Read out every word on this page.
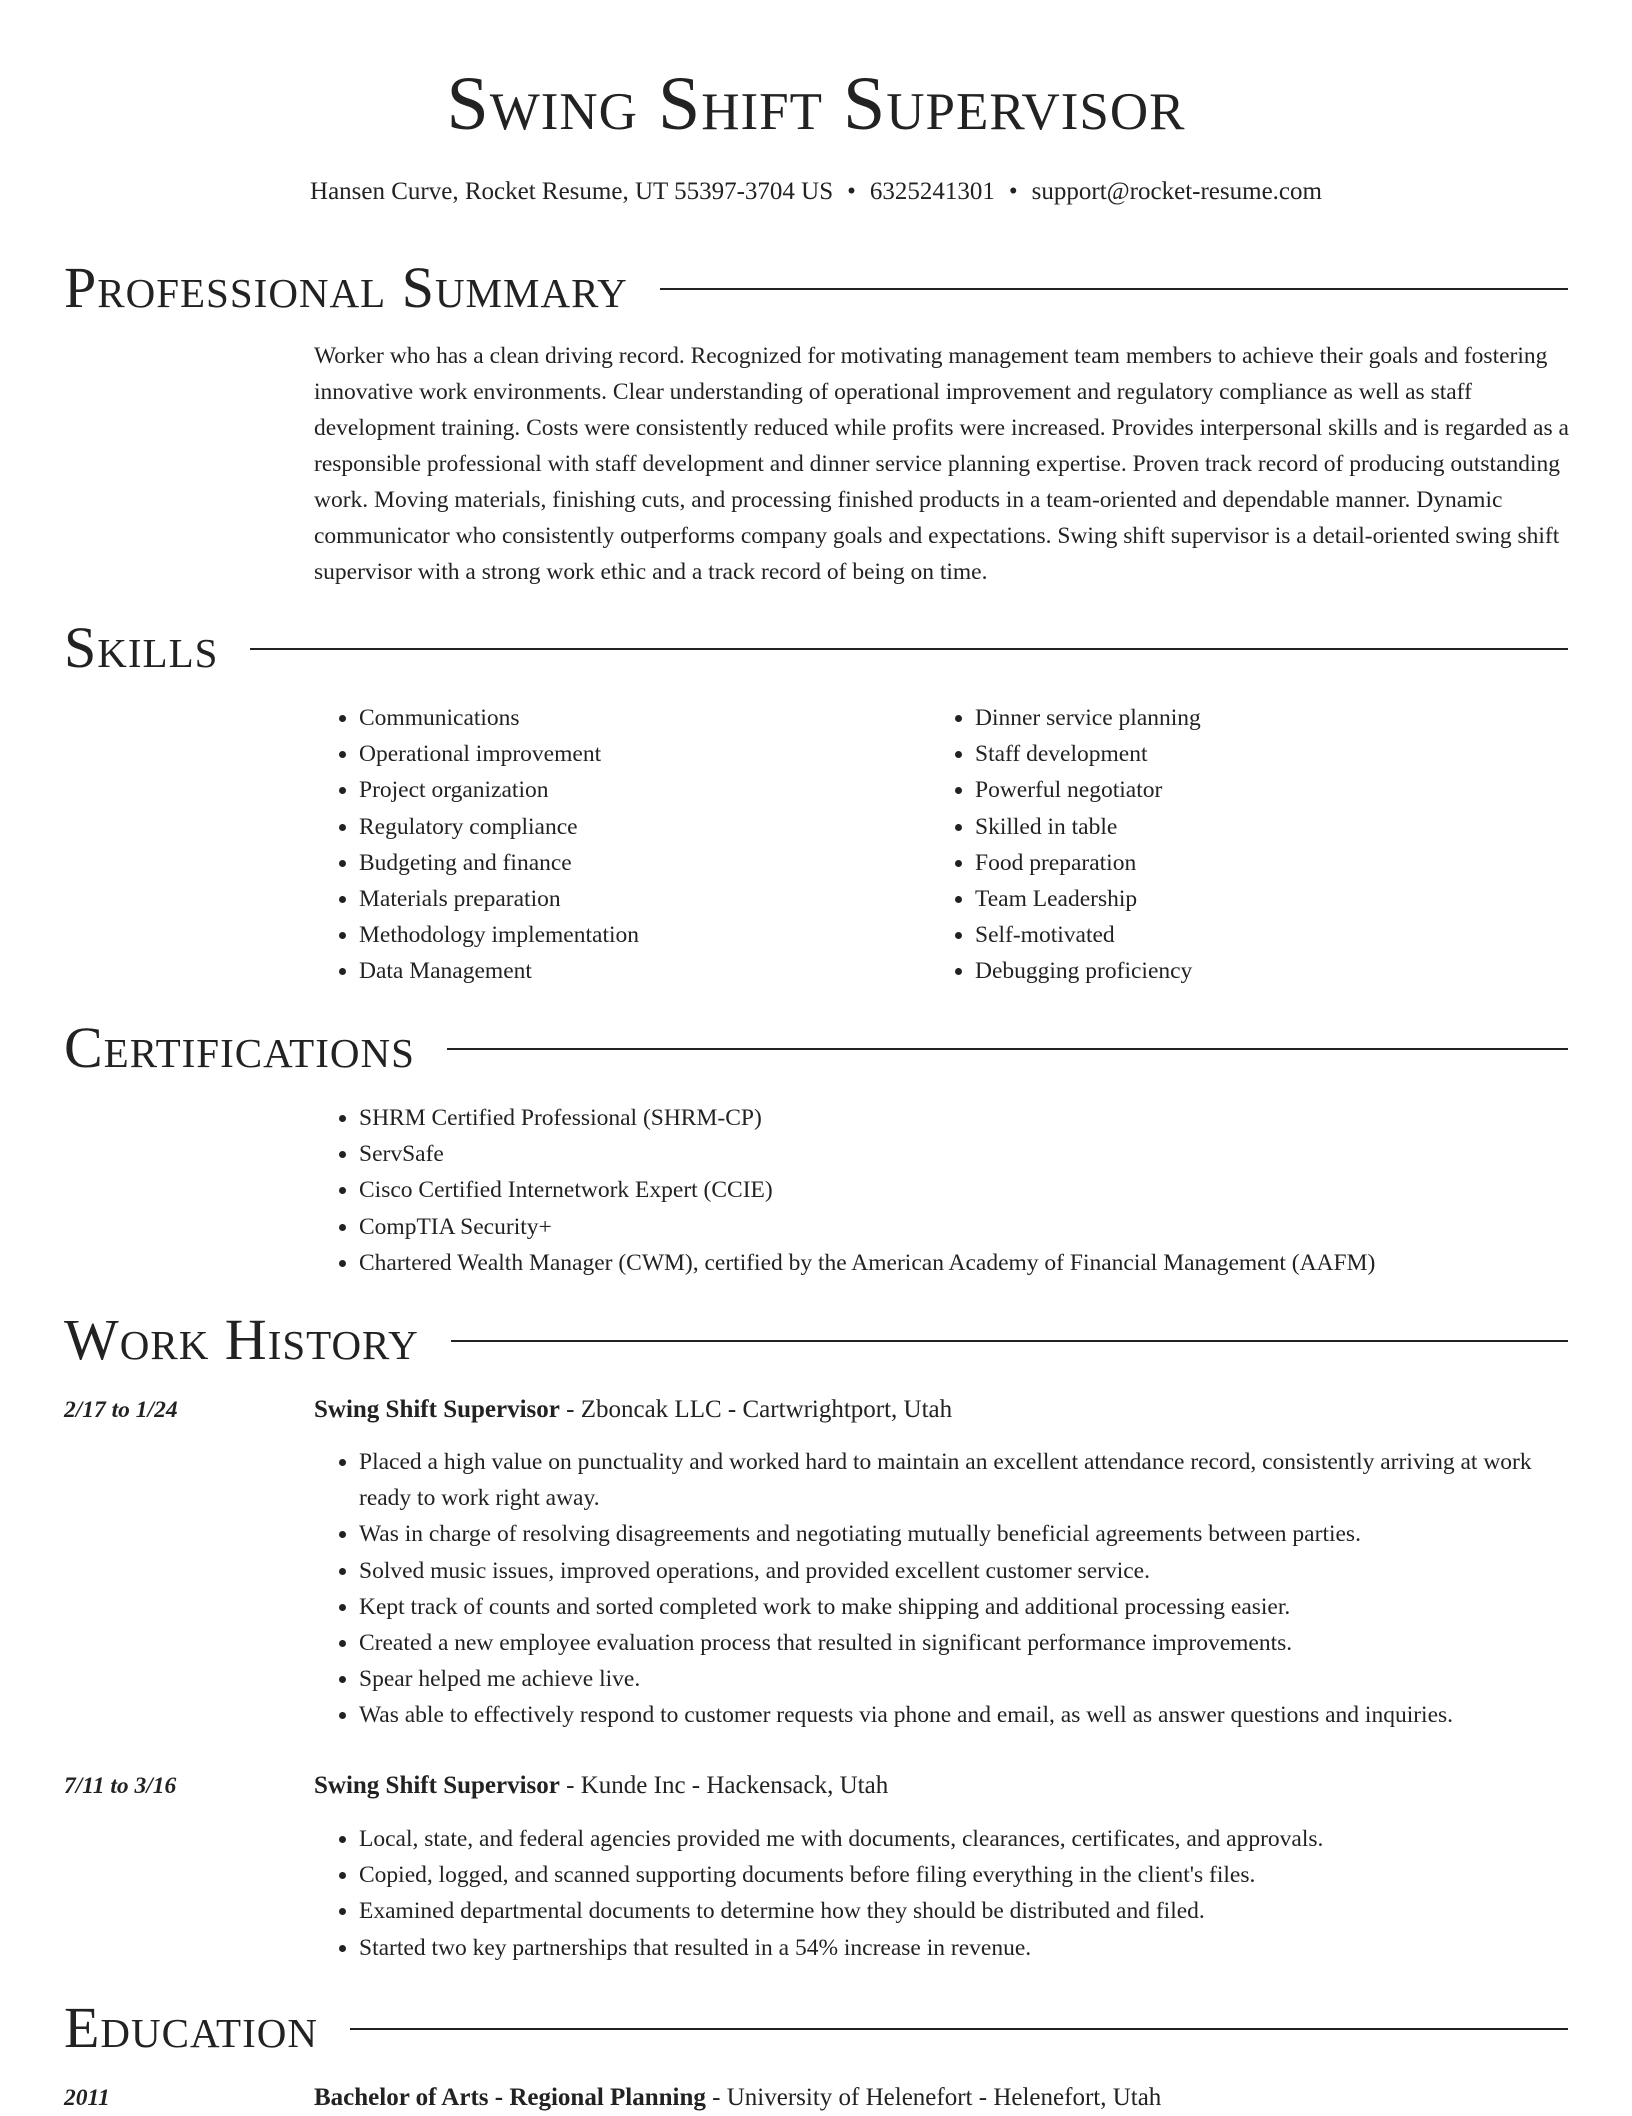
Swing Shift Supervisor
Hansen Curve, Rocket Resume, UT 55397-3704 US • 6325241301 • support@rocket-resume.com
Professional Summary

Worker who has a clean driving record. Recognized for motivating management team members to achieve their goals and fostering innovative work environments. Clear understanding of operational improvement and regulatory compliance as well as staff development training. Costs were consistently reduced while profits were increased. Provides interpersonal skills and is regarded as a responsible professional with staff development and dinner service planning expertise. Proven track record of producing outstanding work. Moving materials, finishing cuts, and processing finished products in a team-oriented and dependable manner. Dynamic communicator who consistently outperforms company goals and expectations. Swing shift supervisor is a detail-oriented swing shift supervisor with a strong work ethic and a track record of being on time.

Skills
• Communications
• Operational improvement
• Project organization
• Regulatory compliance
• Budgeting and finance
• Materials preparation
• Methodology implementation
• Data Management
• Dinner service planning
• Staff development
• Powerful negotiator
• Skilled in table
• Food preparation
• Team Leadership
• Self-motivated
• Debugging proficiency
Certifications
• SHRM Certified Professional (SHRM-CP)
• ServSafe
• Cisco Certified Internetwork Expert (CCIE)
• CompTIA Security+
• Chartered Wealth Manager (CWM), certified by the American Academy of Financial Management (AAFM)
Work History
2/17 to 1/24	Swing Shift Supervisor - Zboncak LLC - Cartwrightport, Utah
• Placed a high value on punctuality and worked hard to maintain an excellent attendance record, consistently arriving at work ready to work right away.
• Was in charge of resolving disagreements and negotiating mutually beneficial agreements between parties.
• Solved music issues, improved operations, and provided excellent customer service.
• Kept track of counts and sorted completed work to make shipping and additional processing easier.
• Created a new employee evaluation process that resulted in significant performance improvements.
• Spear helped me achieve live.
• Was able to effectively respond to customer requests via phone and email, as well as answer questions and inquiries.
7/11 to 3/16	Swing Shift Supervisor - Kunde Inc - Hackensack, Utah
• Local, state, and federal agencies provided me with documents, clearances, certificates, and approvals.
• Copied, logged, and scanned supporting documents before filing everything in the client's files.
• Examined departmental documents to determine how they should be distributed and filed.
• Started two key partnerships that resulted in a 54% increase in revenue.
Education
2011	Bachelor of Arts - Regional Planning - University of Helenefort - Helenefort, Utah
